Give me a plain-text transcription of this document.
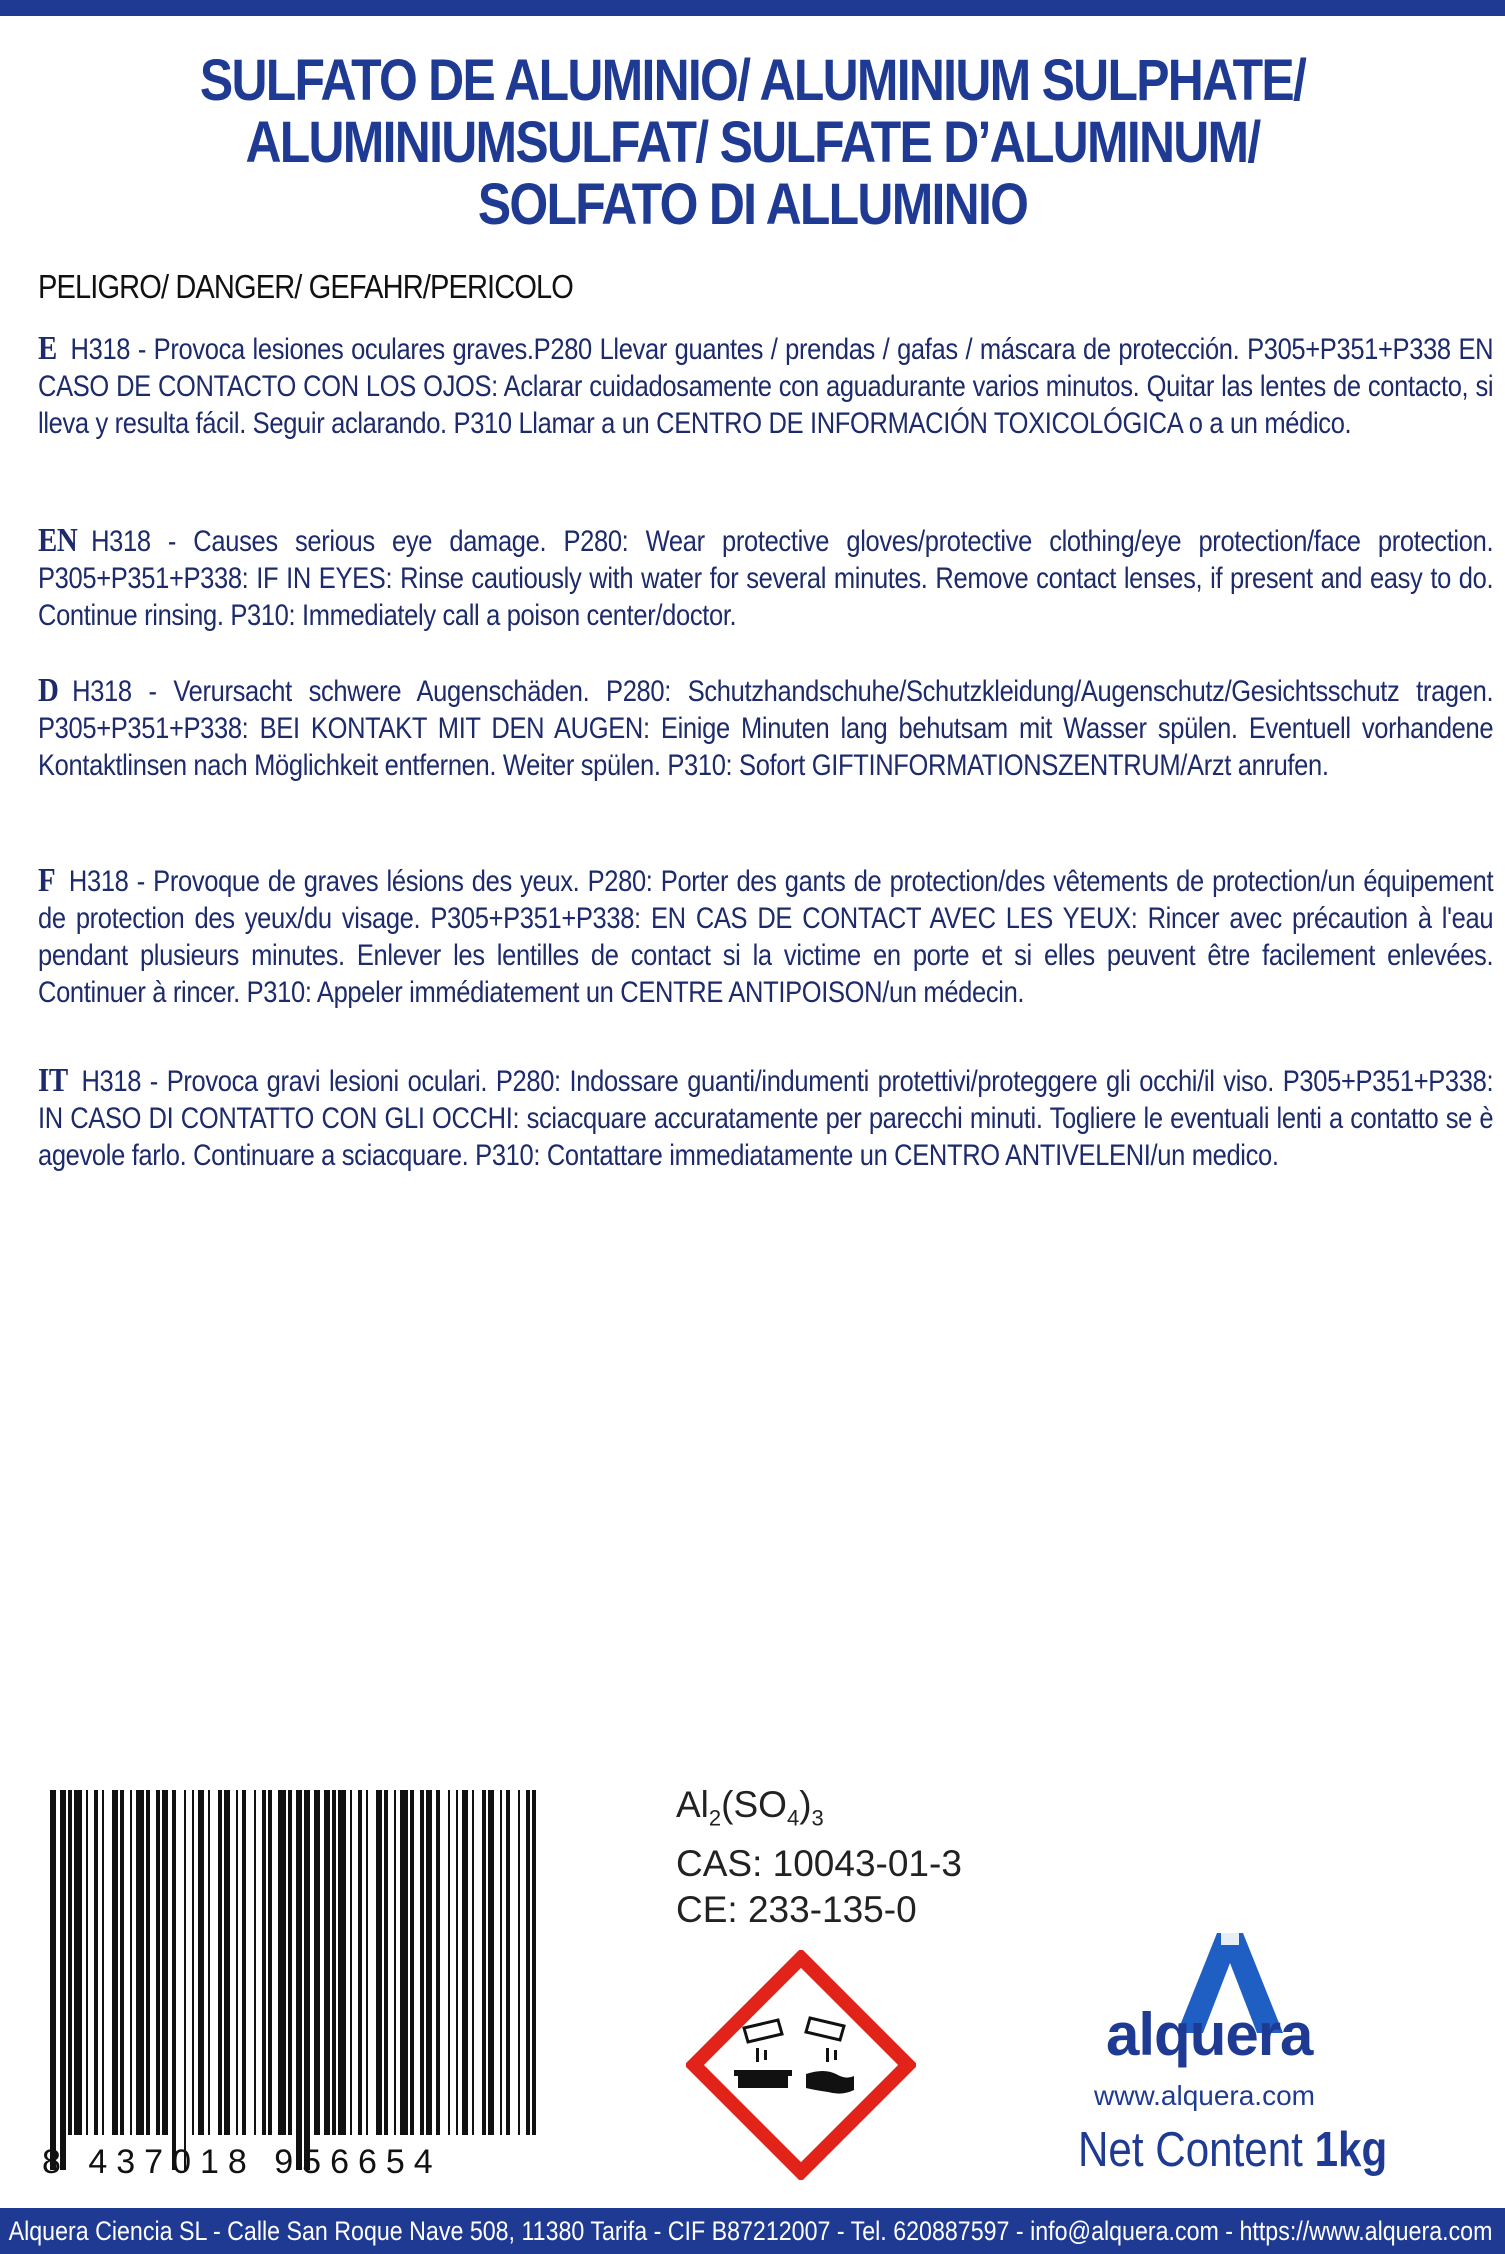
SULFATO DE ALUMINIO/ ALUMINIUM SULPHATE/
ALUMINIUMSULFAT/ SULFATE D’ALUMINUM/
SOLFATO DI ALLUMINIO
PELIGRO/ DANGER/ GEFAHR/PERICOLO
E H318 - Provoca lesiones oculares graves.P280 Llevar guantes / prendas / gafas / máscara de protección. P305+P351+P338 EN CASO DE CONTACTO CON LOS OJOS: Aclarar cuidadosamente con aguadurante varios minutos. Quitar las lentes de contacto, si lleva y resulta fácil. Seguir aclarando. P310 Llamar a un CENTRO DE INFORMACIÓN TOXICOLÓGICA o a un médico.
EN H318 - Causes serious eye damage. P280: Wear protective gloves/protective clothing/eye protection/face protection. P305+P351+P338: IF IN EYES: Rinse cautiously with water for several minutes. Remove contact lenses, if present and easy to do. Continue rinsing. P310: Immediately call a poison center/doctor.
D H318 - Verursacht schwere Augenschäden. P280: Schutzhandschuhe/Schutzkleidung/Augenschutz/Gesichtsschutz tragen. P305+P351+P338: BEI KONTAKT MIT DEN AUGEN: Einige Minuten lang behutsam mit Wasser spülen. Eventuell vorhandene Kontaktlinsen nach Möglichkeit entfernen. Weiter spülen. P310: Sofort GIFTINFORMATIONSZENTRUM/Arzt anrufen.
F H318 - Provoque de graves lésions des yeux. P280: Porter des gants de protection/des vêtements de protection/un équipement de protection des yeux/du visage. P305+P351+P338: EN CAS DE CONTACT AVEC LES YEUX: Rincer avec précaution à l'eau pendant plusieurs minutes. Enlever les lentilles de contact si la victime en porte et si elles peuvent être facilement enlevées. Continuer à rincer. P310: Appeler immédiatement un CENTRE ANTIPOISON/un médecin.
IT H318 - Provoca gravi lesioni oculari. P280: Indossare guanti/indumenti protettivi/proteggere gli occhi/il viso. P305+P351+P338: IN CASO DI CONTATTO CON GLI OCCHI: sciacquare accuratamente per parecchi minuti. Togliere le eventuali lenti a contatto se è agevole farlo. Continuare a sciacquare. P310: Contattare immediatamente un CENTRO ANTIVELENI/un medico.
8 437018 956654
$Al_2(SO_4)_3$
CAS: 10043-01-3
CE: 233-135-0
alquera
www.alquera.com
Net Content 1kg
Alquera Ciencia SL - Calle San Roque Nave 508, 11380 Tarifa - CIF B87212007 - Tel. 620887597 - info@alquera.com - https://www.alquera.com
